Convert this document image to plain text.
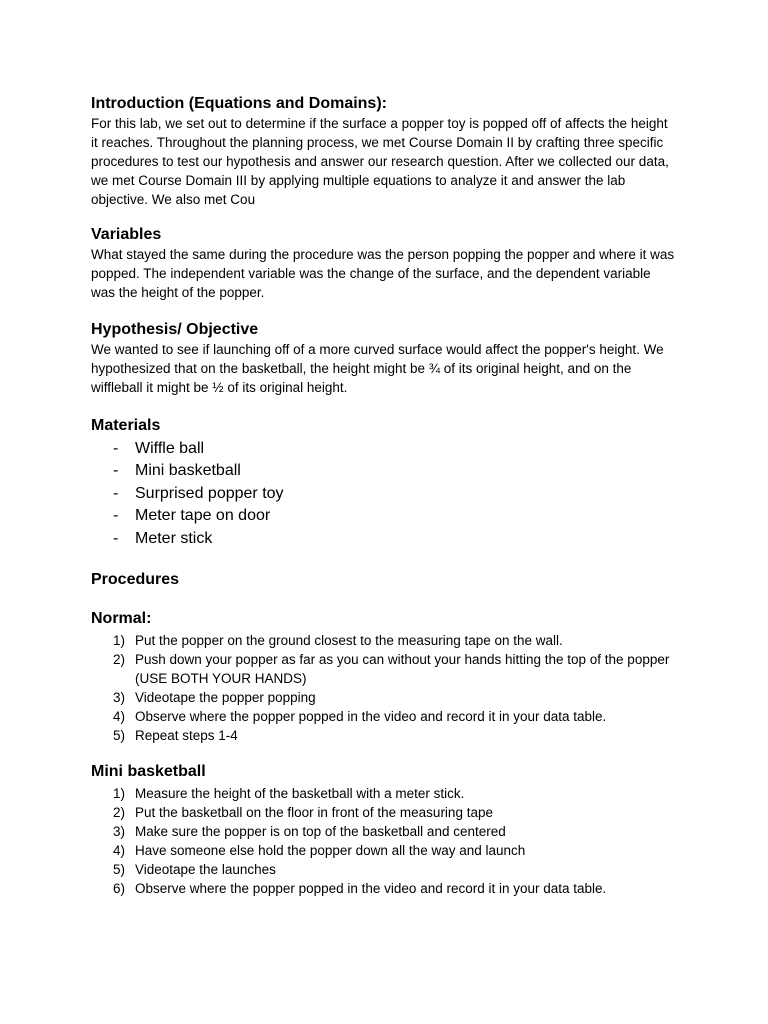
Introduction (Equations and Domains):

For this lab, we set out to determine if the surface a popper toy is popped off of affects the height it reaches. Throughout the planning process, we met Course Domain II by crafting three specific procedures to test our hypothesis and answer our research question. After we collected our data, we met Course Domain III by applying multiple equations to analyze it and answer the lab objective. We also met Cou

Variables

What stayed the same during the procedure was the person popping the popper and where it was popped. The independent variable was the change of the surface, and the dependent variable was the height of the popper.

Hypothesis/ Objective

We wanted to see if launching off of a more curved surface would affect the popper's height. We hypothesized that on the basketball, the height might be ¾ of its original height, and on the wiffleball it might be ½ of its original height.

Materials
- Wiffle ball
- Mini basketball
- Surprised popper toy
- Meter tape on door
- Meter stick
Procedures
Normal:
1) Put the popper on the ground closest to the measuring tape on the wall.
2) Push down your popper as far as you can without your hands hitting the top of the popper (USE BOTH YOUR HANDS)
3) Videotape the popper popping
4) Observe where the popper popped in the video and record it in your data table.
5) Repeat steps 1-4
Mini basketball
1) Measure the height of the basketball with a meter stick.
2) Put the basketball on the floor in front of the measuring tape
3) Make sure the popper is on top of the basketball and centered
4) Have someone else hold the popper down all the way and launch
5) Videotape the launches
6) Observe where the popper popped in the video and record it in your data table.
